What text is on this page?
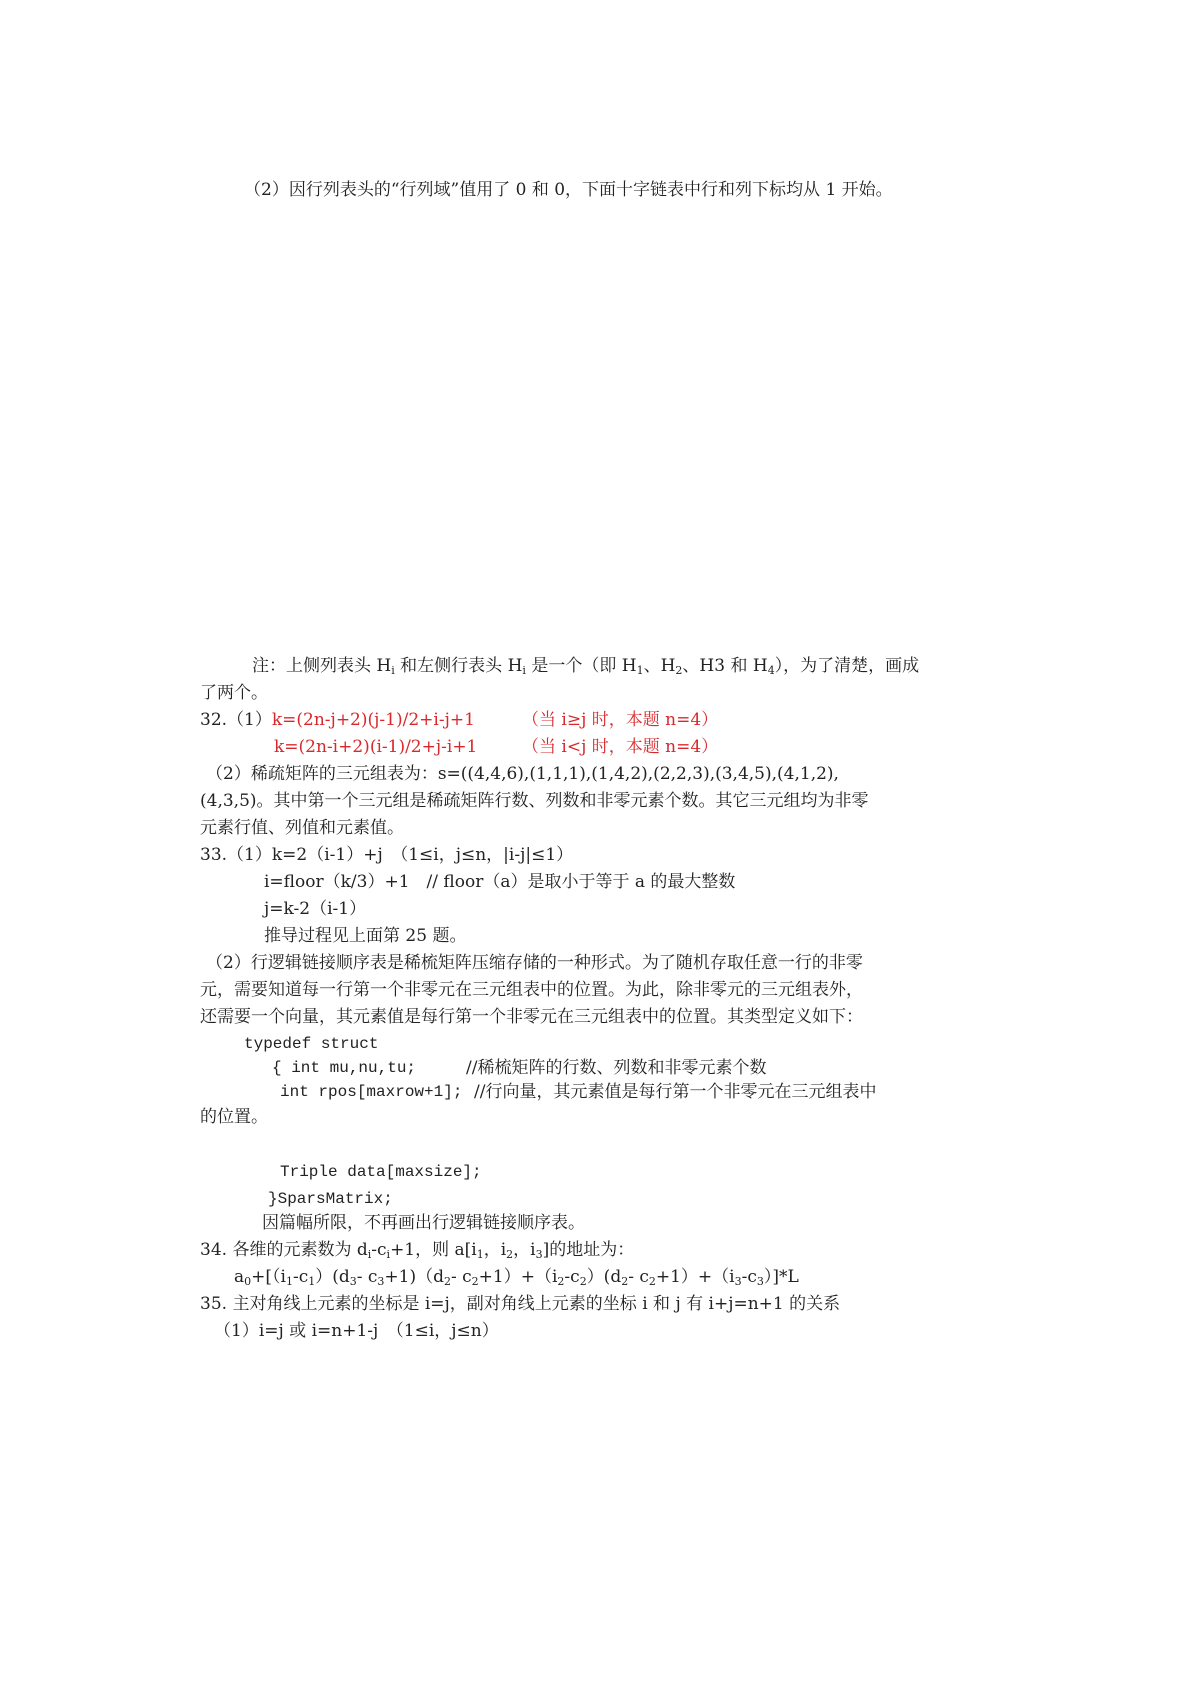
（2）因行列表头的“行列域”值用了 0 和 0，下面十字链表中行和列下标均从 1 开始。
注：上侧列表头 $H_i$ 和左侧行表头 $H_i$ 是一个（即 $H_1$、$H_2$、H3 和 $H_4$），为了清楚，画成
了两个。
32.（1）k=(2n-j+2)(j-1)/2+i-j+1	（当 i≥j 时，本题 n=4）
k=(2n-i+2)(i-1)/2+j-i+1	（当 i<j 时，本题 n=4）
（2）稀疏矩阵的三元组表为：s=((4,4,6),(1,1,1),(1,4,2),(2,2,3),(3,4,5),(4,1,2),
(4,3,5)。其中第一个三元组是稀疏矩阵行数、列数和非零元素个数。其它三元组均为非零
元素行值、列值和元素值。
33.（1）k=2（i-1）+j　（1≤i，j≤n，|i-j|≤1）
i=floor（k/3）+1　// floor（a）是取小于等于 a 的最大整数
j=k-2（i-1）
推导过程见上面第 25 题。
（2）行逻辑链接顺序表是稀梳矩阵压缩存储的一种形式。为了随机存取任意一行的非零
元，需要知道每一行第一个非零元在三元组表中的位置。为此，除非零元的三元组表外，
还需要一个向量，其元素值是每行第一个非零元在三元组表中的位置。其类型定义如下：
typedef struct
{ int mu,nu,tu;	//稀梳矩阵的行数、列数和非零元素个数
int rpos[maxrow+1]; //行向量，其元素值是每行第一个非零元在三元组表中
的位置。
Triple data[maxsize];
}SparsMatrix;
因篇幅所限，不再画出行逻辑链接顺序表。
34. 各维的元素数为 $d_i-c_i+1$，则 $a[i_1$，$i_2$，$i_3$]的地址为：
$a_0+[(i_1-c_1)(d_3-$ $c_3+1)(d_2-$ $c_2+1)+(i_2-c_2)(d_2-$ $c_2+1)+(i_3-c_3)]*L$
35. 主对角线上元素的坐标是 i=j，副对角线上元素的坐标 i 和 j 有 i+j=n+1 的关系
（1）i=j 或 i=n+1-j　（1≤i，j≤n）
